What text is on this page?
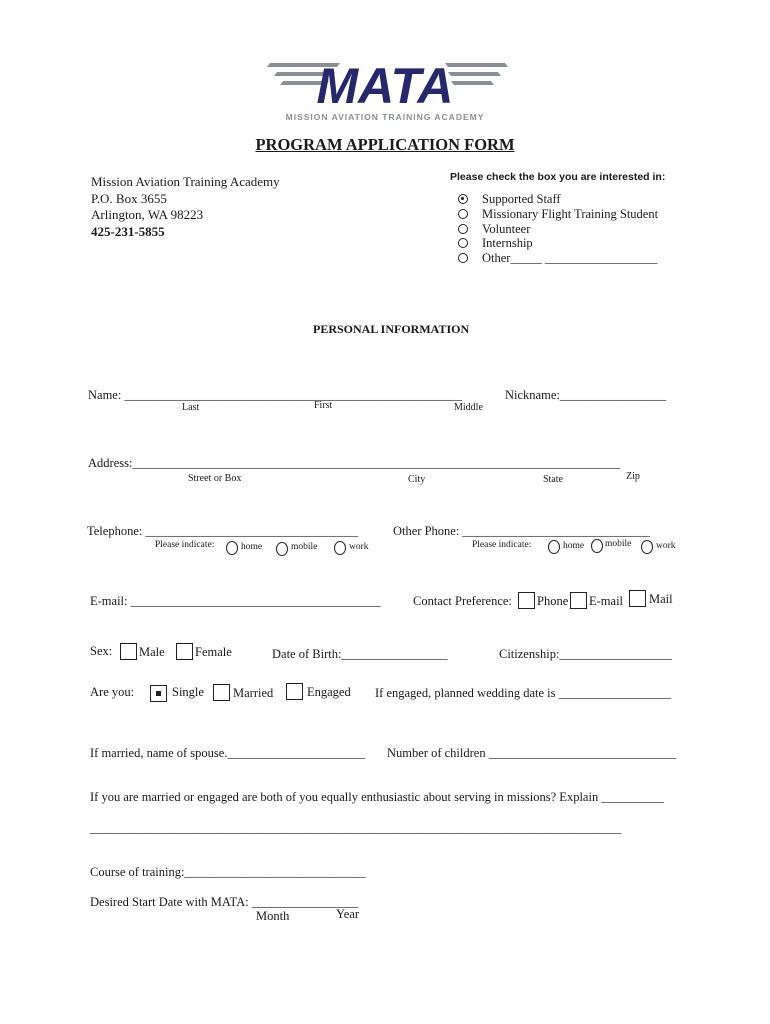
MATA
MISSION AVIATION TRAINING ACADEMY
PROGRAM APPLICATION FORM
Mission Aviation Training Academy
P.O. Box 3655
Arlington, WA 98223
425-231-5855
Please check the box you are interested in:
Supported Staff
Missionary Flight Training Student
Volunteer
Internship
Other_____ __________________
PERSONAL INFORMATION
Name: ______________________________________________________	Nickname:_________________
Last	First	Middle
Address:______________________________________________________________________________
Street or Box	City	State	Zip
Telephone: __________________________________	Other Phone: ______________________________
Please indicate:	home	mobile	work	Please indicate:	home mobile	work
E-mail: ________________________________________	Contact Preference: Phone E-mail Mail
Sex: Male Female	Date of Birth:_________________	Citizenship:__________________
Are you:	Single Married	Engaged If engaged, planned wedding date is __________________
If married, name of spouse.______________________ Number of children ______________________________
If you are married or engaged are both of you equally enthusiastic about serving in missions? Explain __________
_____________________________________________________________________________________
Course of training:_____________________________
Desired Start Date with MATA: _________________
Month	Year
